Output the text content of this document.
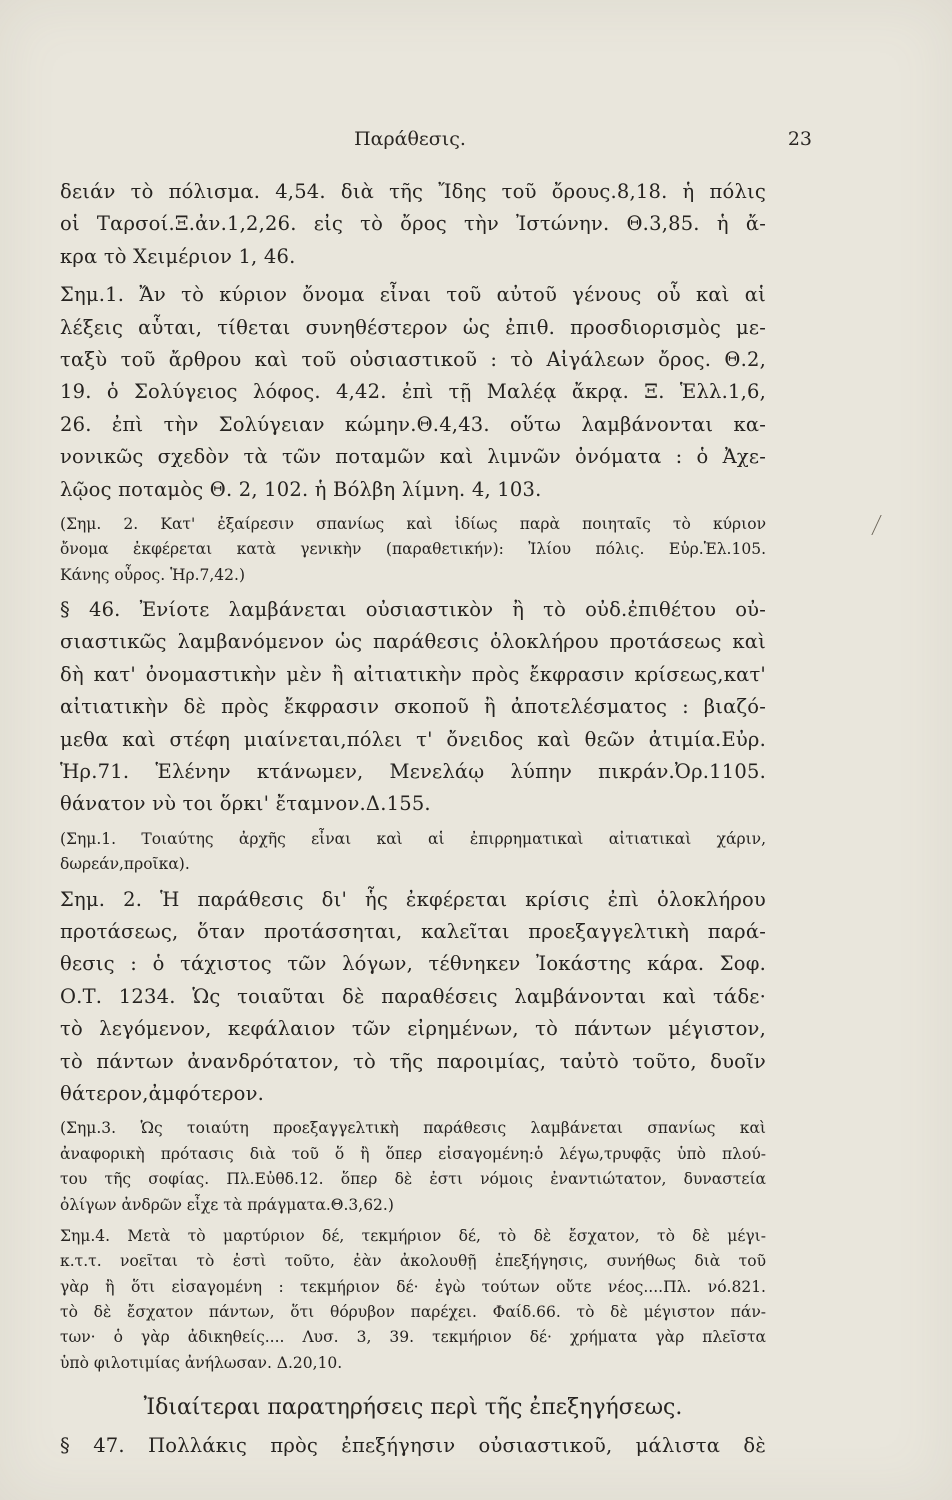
Παράθεσις.	23
δειάν τὸ πόλισμα. 4,54. διὰ τῆς Ἴδης τοῦ ὄρους.8,18. ἡ πόλις
οἱ Ταρσοί.Ξ.ἀν.1,2,26. εἰς τὸ ὄρος τὴν Ἰστώνην. Θ.3,85. ἡ ἄ-
κρα τὸ Χειμέριον 1, 46.
Σημ.1. Ἄν τὸ κύριον ὄνομα εἶναι τοῦ αὐτοῦ γένους οὗ καὶ αἱ
λέξεις αὗται, τίθεται συνηθέστερον ὡς ἐπιθ. προσδιορισμὸς με-
ταξὺ τοῦ ἄρθρου καὶ τοῦ οὐσιαστικοῦ : τὸ Αἰγάλεων ὄρος. Θ.2,
19. ὁ Σολύγειος λόφος. 4,42. ἐπὶ τῇ Μαλέᾳ ἄκρᾳ. Ξ. Ἑλλ.1,6,
26. ἐπὶ τὴν Σολύγειαν κώμην.Θ.4,43. οὕτω λαμβάνονται κα-
νονικῶς σχεδὸν τὰ τῶν ποταμῶν καὶ λιμνῶν ὀνόματα : ὁ Ἀχε-
λῷος ποταμὸς Θ. 2, 102. ἡ Βόλβη λίμνη. 4, 103.
(Σημ. 2. Κατ' ἐξαίρεσιν σπανίως καὶ ἰδίως παρὰ ποιηταῖς τὸ κύριον
ὄνομα ἐκφέρεται κατὰ γενικὴν (παραθετικήν): Ἰλίου πόλις. Εὐρ.Ἑλ.105.
Κάνης οὖρος. Ἡρ.7,42.)
§ 46. Ἐνίοτε λαμβάνεται οὐσιαστικὸν ἢ τὸ οὐδ.ἐπιθέτου οὐ-
σιαστικῶς λαμβανόμενον ὡς παράθεσις ὁλοκλήρου προτάσεως καὶ
δὴ κατ' ὀνομαστικὴν μὲν ἢ αἰτιατικὴν πρὸς ἔκφρασιν κρίσεως,κατ'
αἰτιατικὴν δὲ πρὸς ἔκφρασιν σκοποῦ ἢ ἀποτελέσματος : βιαζό-
μεθα καὶ στέφη μιαίνεται,πόλει τ' ὄνειδος καὶ θεῶν ἀτιμία.Εὐρ.
Ἡρ.71. Ἑλένην κτάνωμεν, Μενελάῳ λύπην πικράν.Ὀρ.1105.
θάνατον νὺ τοι ὅρκι' ἔταμνον.Δ.155.
(Σημ.1. Τοιαύτης ἀρχῆς εἶναι καὶ αἱ ἐπιρρηματικαὶ αἰτιατικαὶ χάριν,
δωρεάν,προῖκα).
Σημ. 2. Ἡ παράθεσις δι' ἧς ἐκφέρεται κρίσις ἐπὶ ὁλοκλήρου
προτάσεως, ὅταν προτάσσηται, καλεῖται προεξαγγελτικὴ παρά-
θεσις : ὁ τάχιστος τῶν λόγων, τέθνηκεν Ἰοκάστης κάρα. Σοφ.
Ο.Τ. 1234. Ὡς τοιαῦται δὲ παραθέσεις λαμβάνονται καὶ τάδε·
τὸ λεγόμενον, κεφάλαιον τῶν εἰρημένων, τὸ πάντων μέγιστον,
τὸ πάντων ἀνανδρότατον, τὸ τῆς παροιμίας, ταὐτὸ τοῦτο, δυοῖν
θάτερον,ἀμφότερον.
(Σημ.3. Ὡς τοιαύτη προεξαγγελτικὴ παράθεσις λαμβάνεται σπανίως καὶ
ἀναφορικὴ πρότασις διὰ τοῦ ὅ ἢ ὅπερ εἰσαγομένη:ὁ λέγω,τρυφᾷς ὑπὸ πλού-
του τῆς σοφίας. Πλ.Εὐθδ.12. ὅπερ δὲ ἐστι νόμοις ἐναντιώτατον, δυναστεία
ὀλίγων ἀνδρῶν εἶχε τὰ πράγματα.Θ.3,62.)
Σημ.4. Μετὰ τὸ μαρτύριον δέ, τεκμήριον δέ, τὸ δὲ ἔσχατον, τὸ δὲ μέγι-
κ.τ.τ. νοεῖται τὸ ἐστὶ τοῦτο, ἐὰν ἀκολουθῇ ἐπεξήγησις, συνήθως διὰ τοῦ
γὰρ ἢ ὅτι εἰσαγομένη : τεκμήριον δέ· ἐγὼ τούτων οὔτε νέος....Πλ. νό.821.
τὸ δὲ ἔσχατον πάντων, ὅτι θόρυβον παρέχει. Φαίδ.66. τὸ δὲ μέγιστον πάν-
των· ὁ γὰρ ἀδικηθείς.... Λυσ. 3, 39. τεκμήριον δέ· χρήματα γὰρ πλεῖστα
ὑπὸ φιλοτιμίας ἀνήλωσαν. Δ.20,10.
Ἰδιαίτεραι παρατηρήσεις περὶ τῆς ἐπεξηγήσεως.
§ 47. Πολλάκις πρὸς ἐπεξήγησιν οὐσιαστικοῦ, μάλιστα δὲ
